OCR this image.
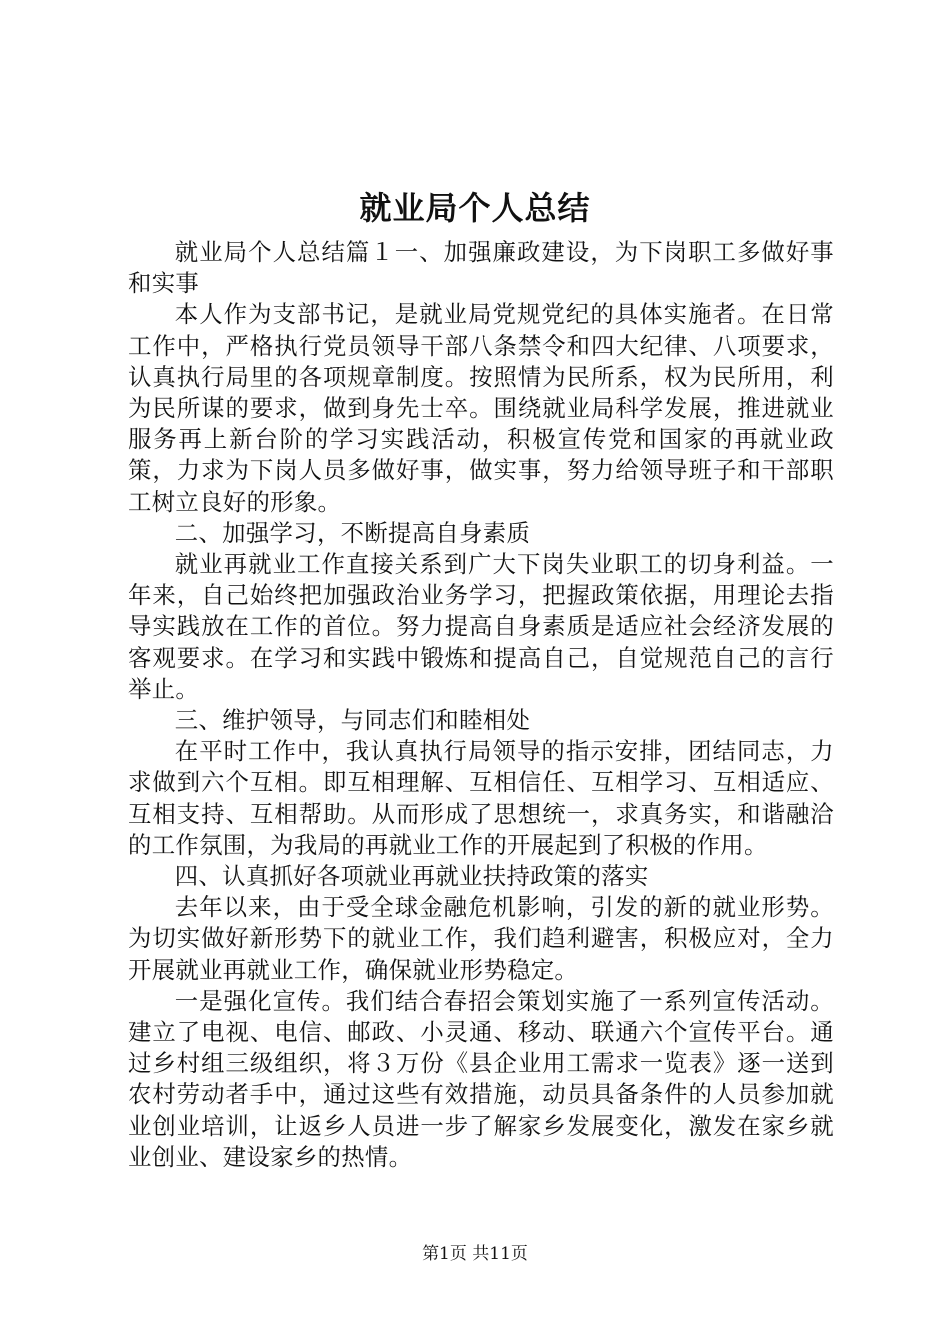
就业局个人总结

就业局个人总结篇１一、加强廉政建设，为下岗职工多做好事和实事

本人作为支部书记，是就业局党规党纪的具体实施者。在日常工作中，严格执行党员领导干部八条禁令和四大纪律、八项要求，认真执行局里的各项规章制度。按照情为民所系，权为民所用，利为民所谋的要求，做到身先士卒。围绕就业局科学发展，推进就业服务再上新台阶的学习实践活动，积极宣传党和国家的再就业政策，力求为下岗人员多做好事，做实事，努力给领导班子和干部职工树立良好的形象。

二、加强学习，不断提高自身素质

就业再就业工作直接关系到广大下岗失业职工的切身利益。一年来，自己始终把加强政治业务学习，把握政策依据，用理论去指导实践放在工作的首位。努力提高自身素质是适应社会经济发展的客观要求。在学习和实践中锻炼和提高自己，自觉规范自己的言行举止。

三、维护领导，与同志们和睦相处

在平时工作中，我认真执行局领导的指示安排，团结同志，力求做到六个互相。即互相理解、互相信任、互相学习、互相适应、互相支持、互相帮助。从而形成了思想统一，求真务实，和谐融洽的工作氛围，为我局的再就业工作的开展起到了积极的作用。

四、认真抓好各项就业再就业扶持政策的落实

去年以来，由于受全球金融危机影响，引发的新的就业形势。为切实做好新形势下的就业工作，我们趋利避害，积极应对，全力开展就业再就业工作，确保就业形势稳定。

一是强化宣传。我们结合春招会策划实施了一系列宣传活动。建立了电视、电信、邮政、小灵通、移动、联通六个宣传平台。通过乡村组三级组织，将３万份《县企业用工需求一览表》逐一送到农村劳动者手中，通过这些有效措施，动员具备条件的人员参加就业创业培训，让返乡人员进一步了解家乡发展变化，激发在家乡就业创业、建设家乡的热情。

第1页 共11页
